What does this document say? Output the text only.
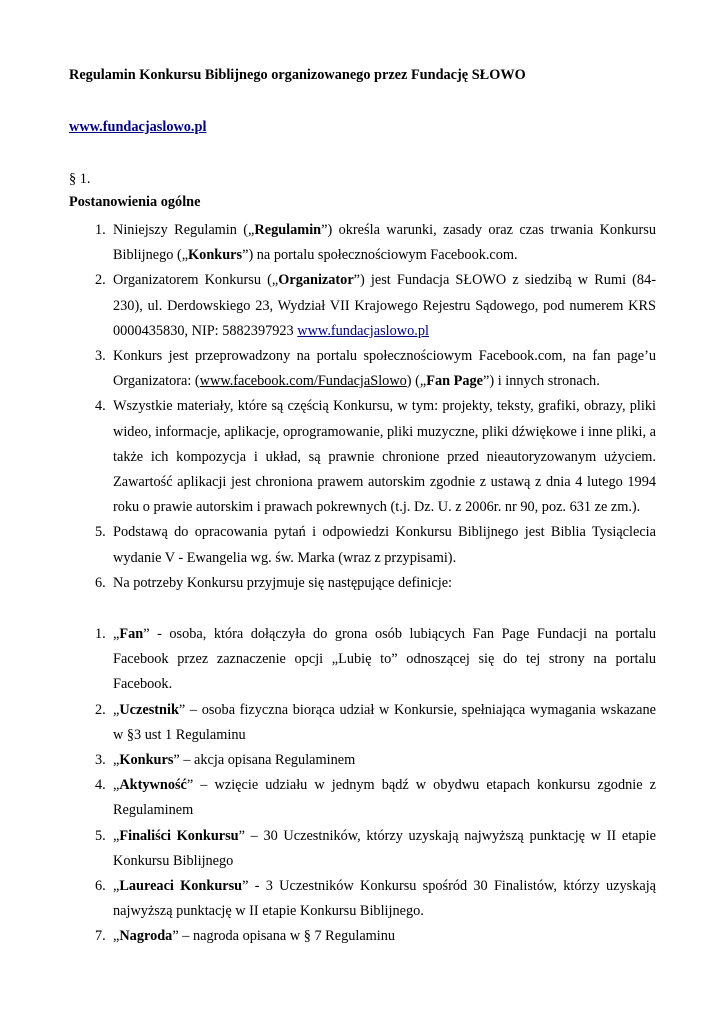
Regulamin Konkursu Biblijnego organizowanego przez Fundację SŁOWO
www.fundacjaslowo.pl
§ 1.
Postanowienia ogólne
1. Niniejszy Regulamin („Regulamin”) określa warunki, zasady oraz czas trwania Konkursu Biblijnego („Konkurs”) na portalu społecznościowym Facebook.com.
2. Organizatorem Konkursu („Organizator”) jest Fundacja SŁOWO z siedzibą w Rumi (84-230), ul. Derdowskiego 23, Wydział VII Krajowego Rejestru Sądowego, pod numerem KRS 0000435830, NIP: 5882397923 www.fundacjaslowo.pl
3. Konkurs jest przeprowadzony na portalu społecznościowym Facebook.com, na fan page’u Organizatora: (www.facebook.com/FundacjaSlowo) („Fan Page”) i innych stronach.
4. Wszystkie materiały, które są częścią Konkursu, w tym: projekty, teksty, grafiki, obrazy, pliki wideo, informacje, aplikacje, oprogramowanie, pliki muzyczne, pliki dźwiękowe i inne pliki, a także ich kompozycja i układ, są prawnie chronione przed nieautoryzowanym użyciem. Zawartość aplikacji jest chroniona prawem autorskim zgodnie z ustawą z dnia 4 lutego 1994 roku o prawie autorskim i prawach pokrewnych (t.j. Dz. U. z 2006r. nr 90, poz. 631 ze zm.).
5. Podstawą do opracowania pytań i odpowiedzi Konkursu Biblijnego jest Biblia Tysiąclecia wydanie V - Ewangelia wg. św. Marka (wraz z przypisami).
6. Na potrzeby Konkursu przyjmuje się następujące definicje:
1. „Fan” - osoba, która dołączyła do grona osób lubiących Fan Page Fundacji na portalu Facebook przez zaznaczenie opcji „Lubię to” odnoszącej się do tej strony na portalu Facebook.
2. „Uczestnik” – osoba fizyczna biorąca udział w Konkursie, spełniająca wymagania wskazane w §3 ust 1 Regulaminu
3. „Konkurs” – akcja opisana Regulaminem
4. „Aktywność” – wzięcie udziału w jednym bądź w obydwu etapach konkursu zgodnie z Regulaminem
5. „Finaliści Konkursu” – 30 Uczestników, którzy uzyskają najwyższą punktację w II etapie Konkursu Biblijnego
6. „Laureaci Konkursu” - 3 Uczestników Konkursu spośród 30 Finalistów, którzy uzyskają najwyższą punktację w II etapie Konkursu Biblijnego.
7. „Nagroda” – nagroda opisana w § 7 Regulaminu
